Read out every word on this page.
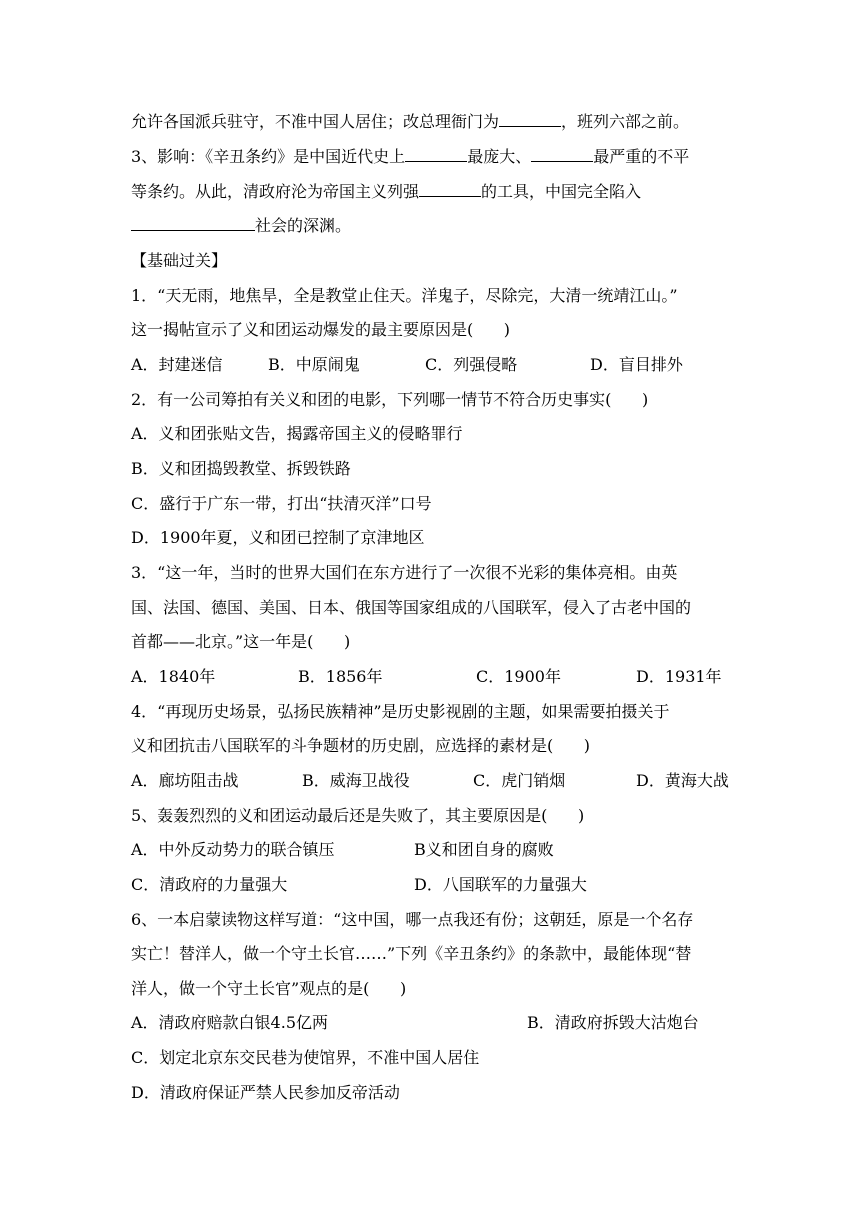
允许各国派兵驻守，不准中国人居住；改总理衙门为	，班列六部之前。
3、影响：《辛丑条约》是中国近代史上	最庞大、	最严重的不平
等条约。从此，清政府沦为帝国主义列强	的工具，中国完全陷入
社会的深渊。
【基础过关】
1．“天无雨，地焦旱，全是教堂止住天。洋鬼子，尽除完，大清一统靖江山。”
这一揭帖宣示了义和团运动爆发的最主要原因是(      )
A．封建迷信	B．中原闹鬼	C．列强侵略	D．盲目排外
2．有一公司筹拍有关义和团的电影，下列哪一情节不符合历史事实(      )
A．义和团张贴文告，揭露帝国主义的侵略罪行
B．义和团捣毁教堂、拆毁铁路
C．盛行于广东一带，打出“扶清灭洋”口号
D．1900年夏，义和团已控制了京津地区
3．“这一年，当时的世界大国们在东方进行了一次很不光彩的集体亮相。由英
国、法国、德国、美国、日本、俄国等国家组成的八国联军，侵入了古老中国的
首都——北京。”这一年是(      )
A．1840年	B．1856年	C．1900年	D．1931年
4．“再现历史场景，弘扬民族精神”是历史影视剧的主题，如果需要拍摄关于
义和团抗击八国联军的斗争题材的历史剧，应选择的素材是(      )
A．廊坊阻击战	B．威海卫战役	C．虎门销烟	D．黄海大战
5、轰轰烈烈的义和团运动最后还是失败了，其主要原因是(      )
A．中外反动势力的联合镇压	B义和团自身的腐败
C．清政府的力量强大	D．八国联军的力量强大
6、一本启蒙读物这样写道：“这中国，哪一点我还有份；这朝廷，原是一个名存
实亡！替洋人，做一个守土长官……”下列《辛丑条约》的条款中，最能体现“替
洋人，做一个守土长官”观点的是(      )
A．清政府赔款白银4.5亿两	B．清政府拆毁大沽炮台
C．划定北京东交民巷为使馆界，不准中国人居住
D．清政府保证严禁人民参加反帝活动
